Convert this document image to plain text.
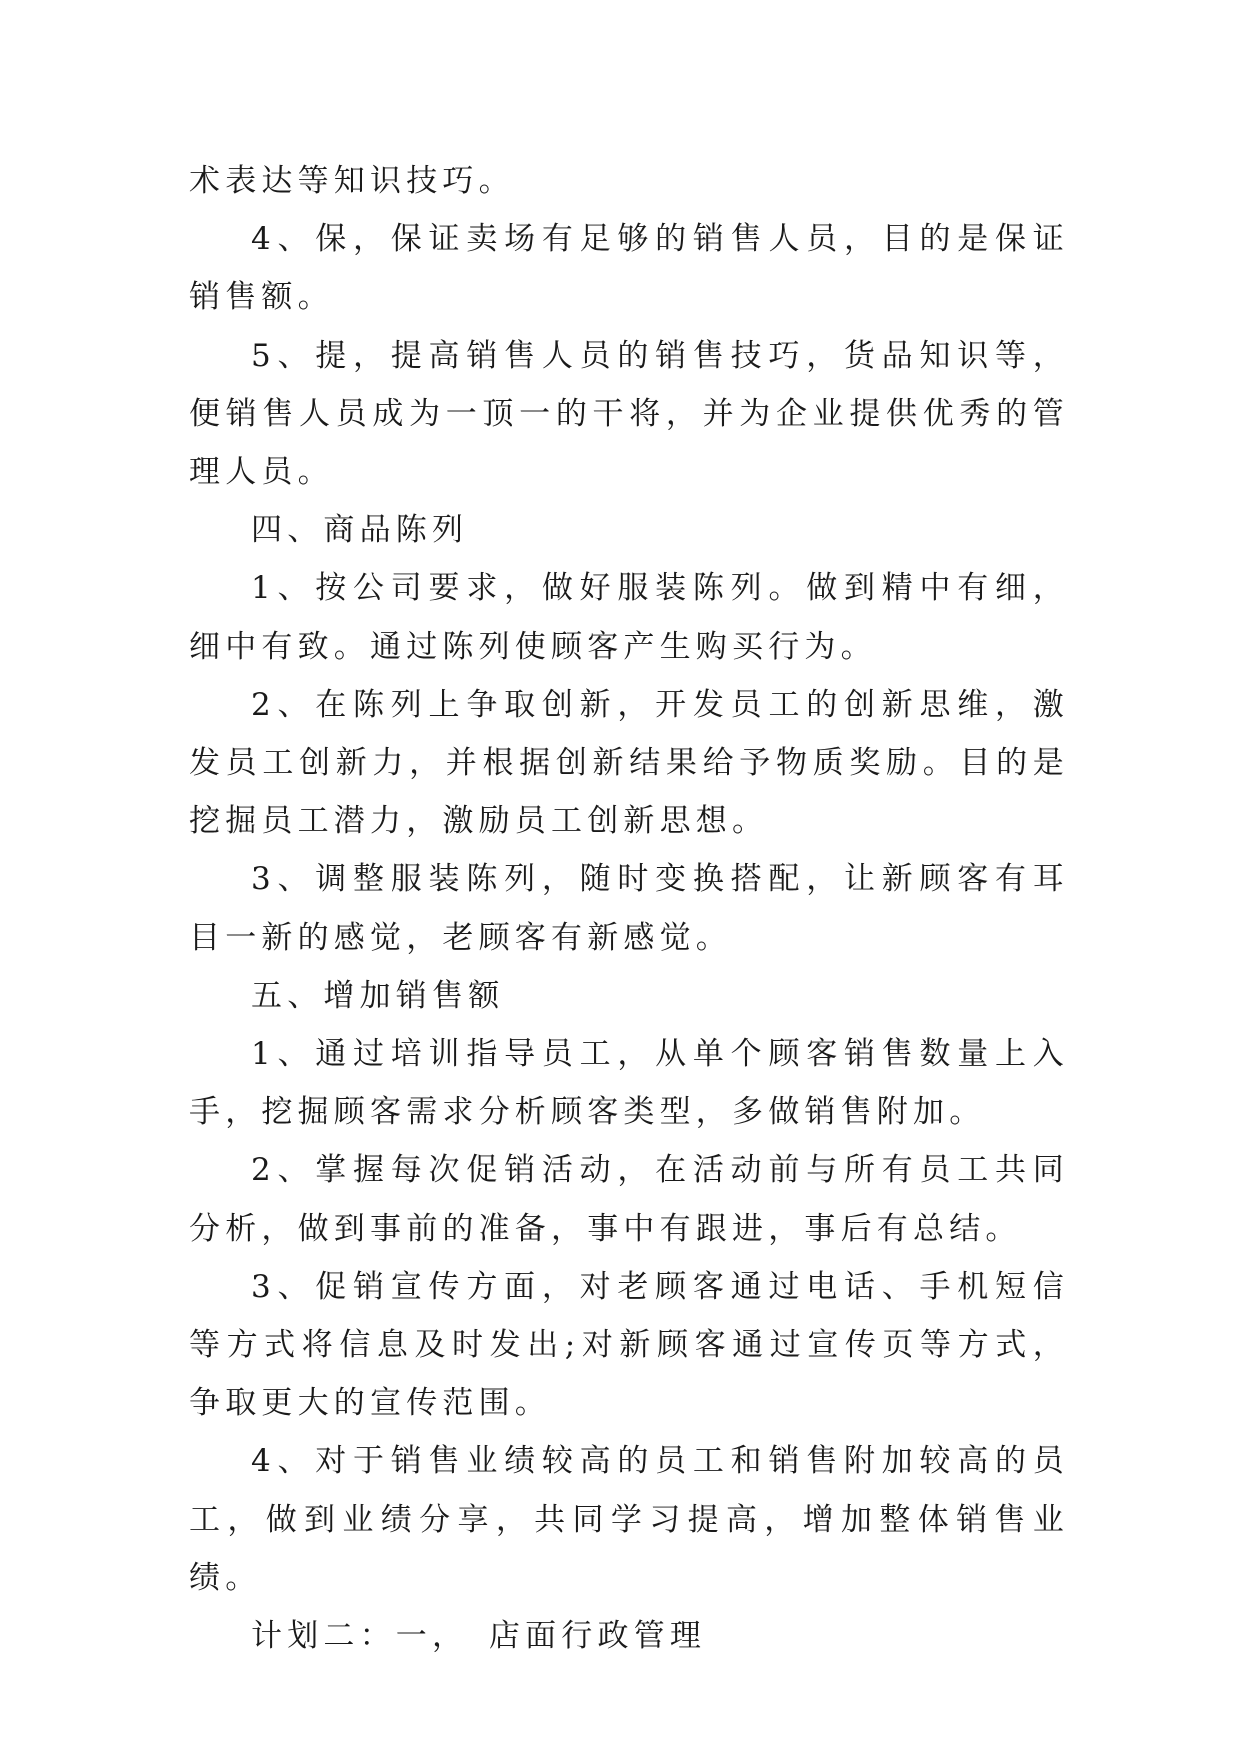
术表达等知识技巧。

4、保，保证卖场有足够的销售人员，目的是保证销售额。

5、提，提高销售人员的销售技巧，货品知识等，便销售人员成为一顶一的干将，并为企业提供优秀的管理人员。

四、商品陈列

1、按公司要求，做好服装陈列。做到精中有细，细中有致。通过陈列使顾客产生购买行为。

2、在陈列上争取创新，开发员工的创新思维，激发员工创新力，并根据创新结果给予物质奖励。目的是挖掘员工潜力，激励员工创新思想。

3、调整服装陈列，随时变换搭配，让新顾客有耳目一新的感觉，老顾客有新感觉。

五、增加销售额

1、通过培训指导员工，从单个顾客销售数量上入手，挖掘顾客需求分析顾客类型，多做销售附加。

2、掌握每次促销活动，在活动前与所有员工共同分析，做到事前的准备，事中有跟进，事后有总结。

3、促销宣传方面，对老顾客通过电话、手机短信等方式将信息及时发出;对新顾客通过宣传页等方式，争取更大的宣传范围。

4、对于销售业绩较高的员工和销售附加较高的员工，做到业绩分享，共同学习提高，增加整体销售业绩。

计划二：一，　店面行政管理
